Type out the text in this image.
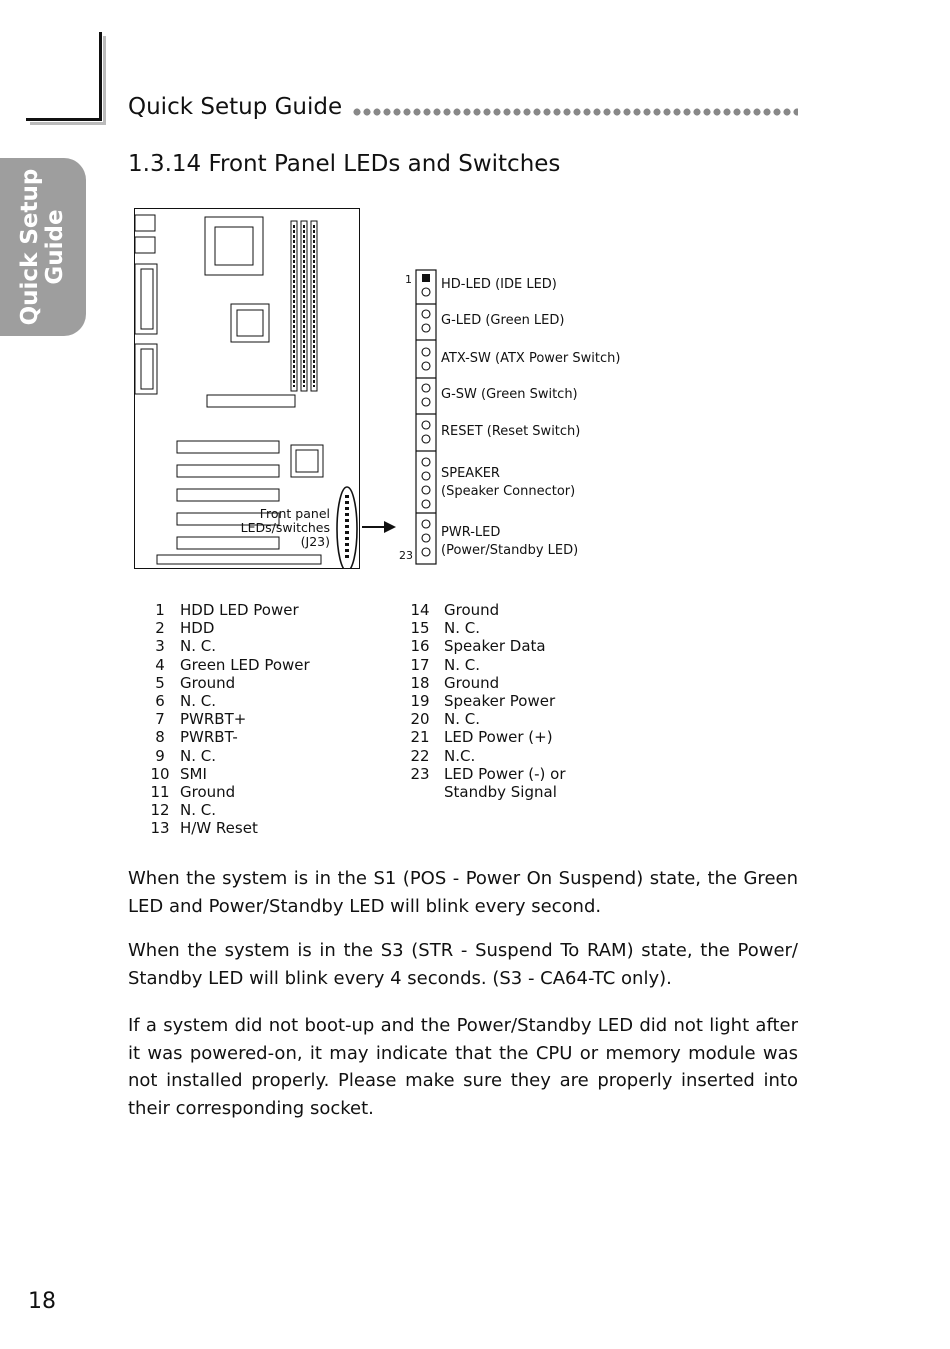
Quick Setup Guide
Quick Setup Guide
1.3.14 Front Panel LEDs and Switches
Front panel
LEDs/switches
(J23)
1
23
HD-LED (IDE LED)
G-LED (Green LED)
ATX-SW (ATX Power Switch)
G-SW (Green Switch)
RESET (Reset Switch)
SPEAKER
(Speaker Connector)
PWR-LED
(Power/Standby LED)
1	HDD LED Power
2	HDD
3	N. C.
4	Green LED Power
5	Ground
6	N. C.
7	PWRBT+
8	PWRBT-
9	N. C.
10 SMI
11 Ground
12 N. C.
13 H/W Reset
14 Ground
15 N. C.
16 Speaker Data
17 N. C.
18 Ground
19 Speaker Power
20 N. C.
21 LED Power (+)
22 N.C.
23 LED Power (-) or
Standby Signal
When the system is in the S1 (POS - Power On Suspend) state, the Green LED and Power/Standby LED will blink every second.
When the system is in the S3 (STR - Suspend To RAM) state, the Power/ Standby LED will blink every 4 seconds. (S3 - CA64-TC only).
If a system did not boot-up and the Power/Standby LED did not light after it was powered-on, it may indicate that the CPU or memory module was not installed properly. Please make sure they are properly inserted into their corresponding socket.
18
